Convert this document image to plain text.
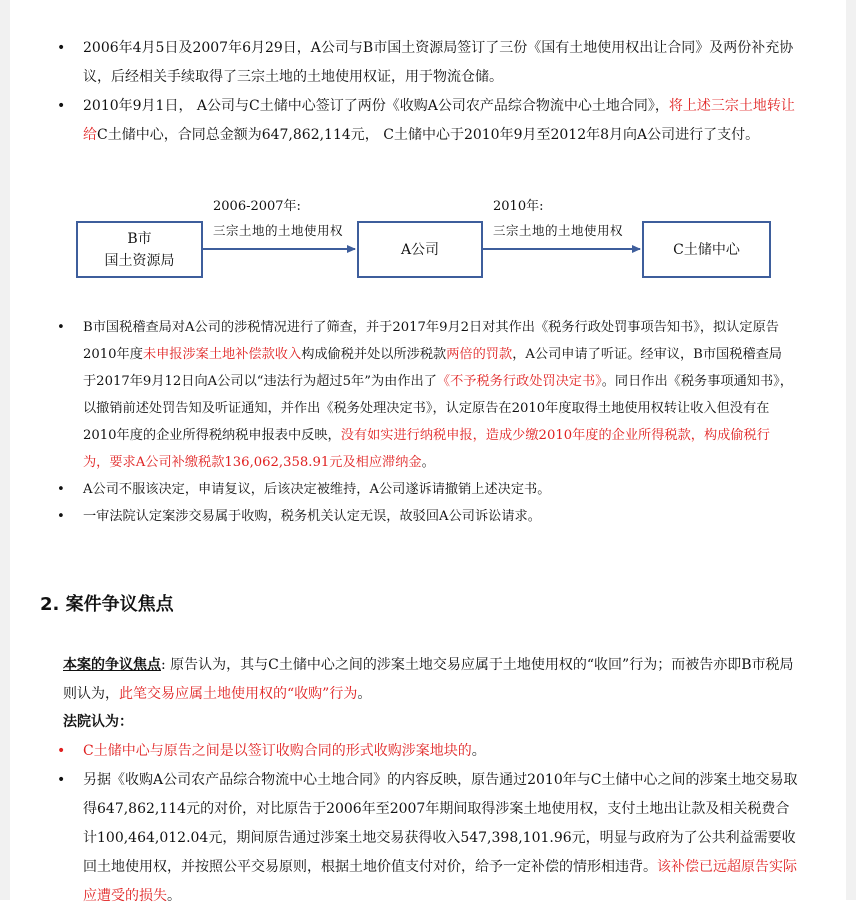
• 2006年4月5日及2007年6月29日，A公司与B市国土资源局签订了三份《国有土地使用权出让合同》及两份补充协议，后经相关手续取得了三宗土地的土地使用权证，用于物流仓储。
• 2010年9月1日， A公司与C土储中心签订了两份《收购A公司农产品综合物流中心土地合同》，将上述三宗土地转让给C土储中心，合同总金额为647,862,114元， C土储中心于2010年9月至2012年8月向A公司进行了支付。
B市
国土资源局
A公司	C土储中心
2006-2007年:
三宗土地的土地使用权
2010年:
三宗土地的土地使用权
• B市国税稽查局对A公司的涉税情况进行了筛查，并于2017年9月2日对其作出《税务行政处罚事项告知书》，拟认定原告2010年度未申报涉案土地补偿款收入构成偷税并处以所涉税款两倍的罚款，A公司申请了听证。经审议，B市国税稽查局于2017年9月12日向A公司以“违法行为超过5年”为由作出了《不予税务行政处罚决定书》。同日作出《税务事项通知书》，以撤销前述处罚告知及听证通知，并作出《税务处理决定书》，认定原告在2010年度取得土地使用权转让收入但没有在2010年度的企业所得税纳税申报表中反映，没有如实进行纳税申报，造成少缴2010年度的企业所得税款，构成偷税行为，要求A公司补缴税款136,062,358.91元及相应滞纳金。
• A公司不服该决定，申请复议，后该决定被维持，A公司遂诉请撤销上述决定书。
• 一审法院认定案涉交易属于收购，税务机关认定无误，故驳回A公司诉讼请求。
2. 案件争议焦点

本案的争议焦点: 原告认为，其与C土储中心之间的涉案土地交易应属于土地使用权的“收回”行为；而被告亦即B市税局则认为，此笔交易应属土地使用权的“收购”行为。

法院认为：

• C土储中心与原告之间是以签订收购合同的形式收购涉案地块的。
• 另据《收购A公司农产品综合物流中心土地合同》的内容反映，原告通过2010年与C土储中心之间的涉案土地交易取得647,862,114元的对价，对比原告于2006年至2007年期间取得涉案土地使用权，支付土地出让款及相关税费合计100,464,012.04元，期间原告通过涉案土地交易获得收入547,398,101.96元，明显与政府为了公共利益需要收回土地使用权，并按照公平交易原则，根据土地价值支付对价，给予一定补偿的情形相违背。该补偿已远超原告实际应遭受的损失。
